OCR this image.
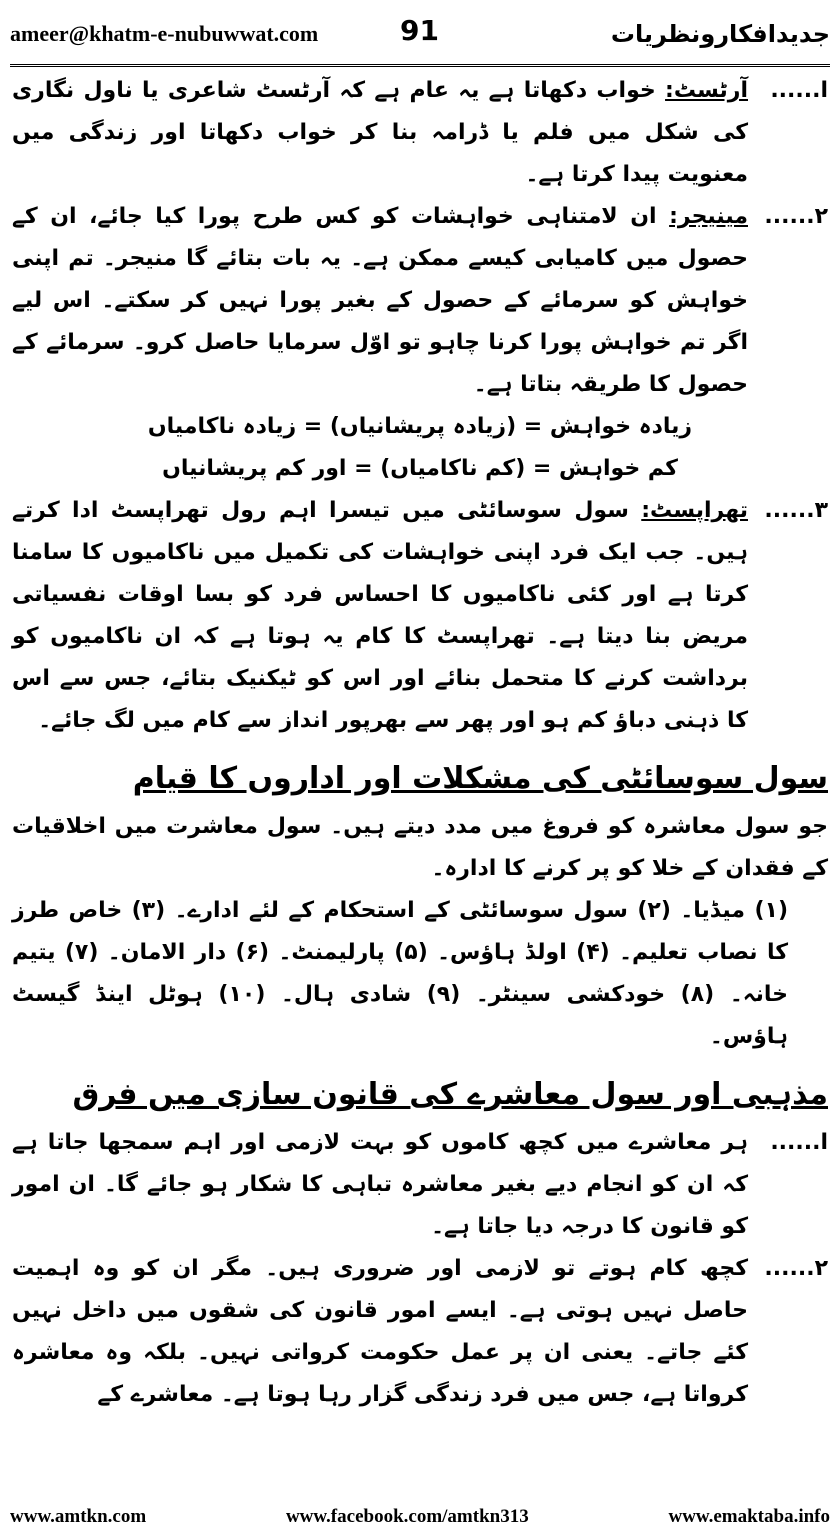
ameer@khatm-e-nubuwwat.com	91	جدیدافکارونظریات
ا......
آرٹسٹ: خواب دکھاتا ہے یہ عام ہے کہ آرٹسٹ شاعری یا ناول نگاری کی شکل میں فلم یا ڈرامہ بنا کر خواب دکھاتا اور زندگی میں معنویت پیدا کرتا ہے۔
۲......
مینیجر: ان لامتناہی خواہشات کو کس طرح پورا کیا جائے، ان کے حصول میں کامیابی کیسے ممکن ہے۔ یہ بات بتائے گا منیجر۔ تم اپنی خواہش کو سرمائے کے حصول کے بغیر پورا نہیں کر سکتے۔ اس لیے اگر تم خواہش پورا کرنا چاہو تو اوّل سرمایا حاصل کرو۔ سرمائے کے حصول کا طریقہ بتاتا ہے۔
زیادہ خواہش = (زیادہ پریشانیاں) = زیادہ ناکامیاں
کم خواہش = (کم ناکامیاں) = اور کم پریشانیاں
۳......
تھراپسٹ: سول سوسائٹی میں تیسرا اہم رول تھراپسٹ ادا کرتے ہیں۔ جب ایک فرد اپنی خواہشات کی تکمیل میں ناکامیوں کا سامنا کرتا ہے اور کئی ناکامیوں کا احساس فرد کو بسا اوقات نفسیاتی مریض بنا دیتا ہے۔ تھراپسٹ کا کام یہ ہوتا ہے کہ ان ناکامیوں کو برداشت کرنے کا متحمل بنائے اور اس کو ٹیکنیک بتائے، جس سے اس کا ذہنی دباؤ کم ہو اور پھر سے بھرپور انداز سے کام میں لگ جائے۔
سول سوسائٹی کی مشکلات اور اداروں کا قیام
جو سول معاشرہ کو فروغ میں مدد دیتے ہیں۔ سول معاشرت میں اخلاقیات کے فقدان کے خلا کو پر کرنے کا ادارہ۔
(۱) میڈیا۔ (۲) سول سوسائٹی کے استحکام کے لئے ادارے۔ (۳) خاص طرز کا نصاب تعلیم۔ (۴) اولڈ ہاؤس۔ (۵) پارلیمنٹ۔ (۶) دار الامان۔ (۷) یتیم خانہ۔ (۸) خودکشی سینٹر۔ (۹) شادی ہال۔ (۱۰) ہوٹل اینڈ گیسٹ ہاؤس۔
مذہبی اور سول معاشرے کی قانون سازی میں فرق
ا......
ہر معاشرے میں کچھ کاموں کو بہت لازمی اور اہم سمجھا جاتا ہے کہ ان کو انجام دیے بغیر معاشرہ تباہی کا شکار ہو جائے گا۔ ان امور کو قانون کا درجہ دیا جاتا ہے۔
۲......
کچھ کام ہوتے تو لازمی اور ضروری ہیں۔ مگر ان کو وہ اہمیت حاصل نہیں ہوتی ہے۔ ایسے امور قانون کی شقوں میں داخل نہیں کئے جاتے۔ یعنی ان پر عمل حکومت کرواتی نہیں۔ بلکہ وہ معاشرہ کرواتا ہے، جس میں فرد زندگی گزار رہا ہوتا ہے۔ معاشرے کے
www.amtkn.com	www.facebook.com/amtkn313	www.emaktaba.info
